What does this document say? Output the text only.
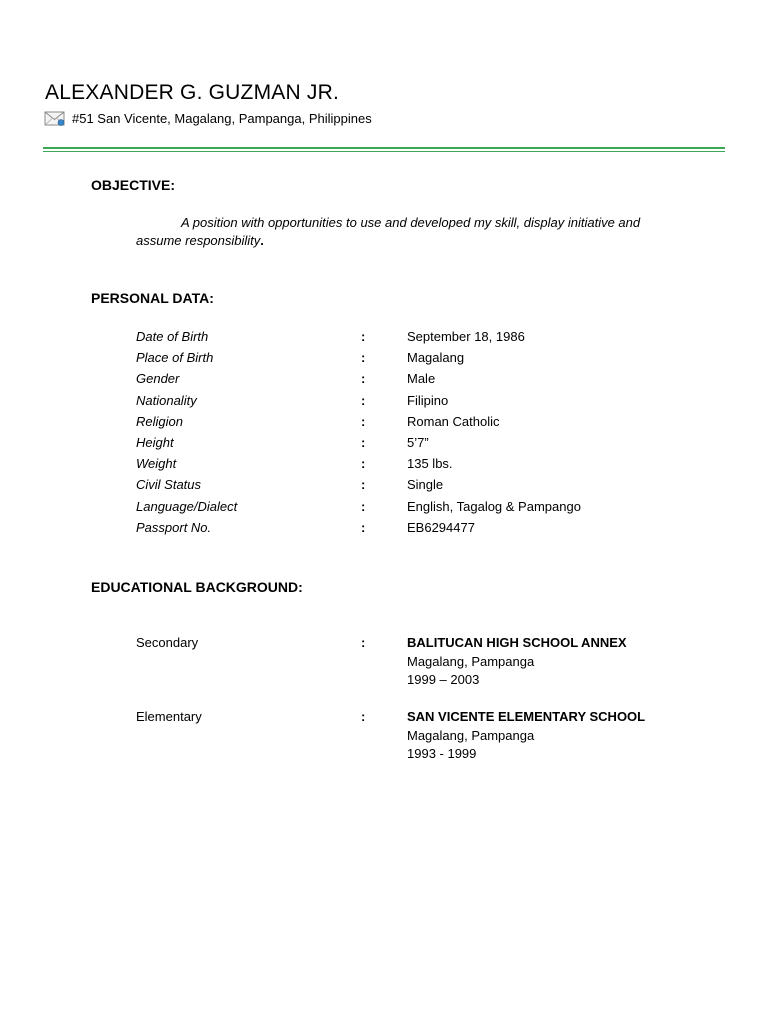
ALEXANDER G. GUZMAN JR.
#51 San Vicente, Magalang, Pampanga, Philippines
OBJECTIVE:
A position with opportunities to use and developed my skill, display initiative and assume responsibility.
PERSONAL DATA:
Date of Birth	:	September 18, 1986
Place of Birth	:	Magalang
Gender	:	Male
Nationality	:	Filipino
Religion	:	Roman Catholic
Height	:	5’7”
Weight	:	135 lbs.
Civil Status	:	Single
Language/Dialect	:	English, Tagalog & Pampango
Passport No.	:	EB6294477
EDUCATIONAL BACKGROUND:
Secondary	:	BALITUCAN HIGH SCHOOL ANNEX
Magalang, Pampanga
1999 – 2003
Elementary	:	SAN VICENTE ELEMENTARY SCHOOL
Magalang, Pampanga
1993 - 1999
